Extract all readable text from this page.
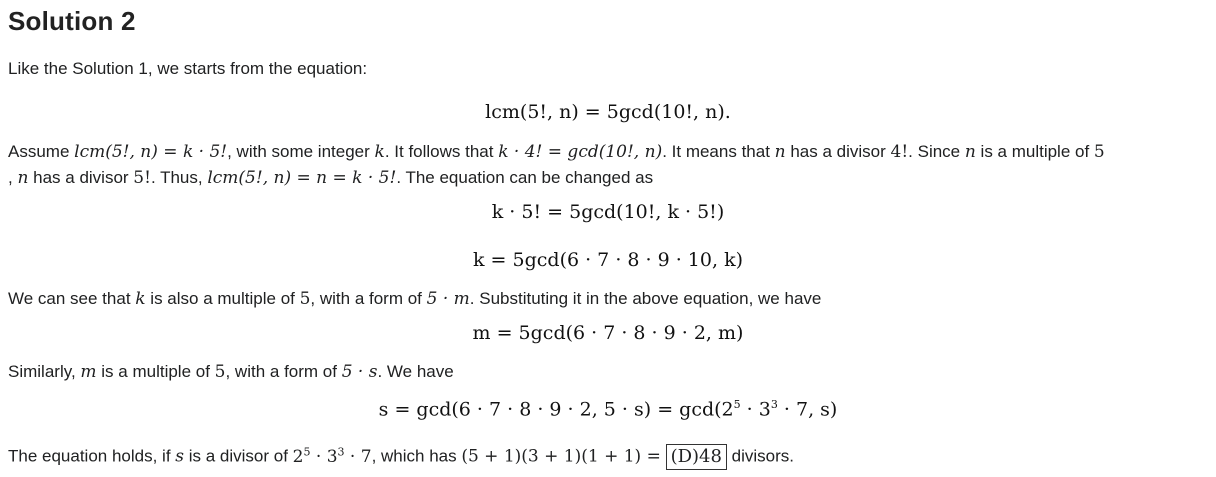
Solution 2
Like the Solution 1, we starts from the equation:
lcm(5!, n) = 5gcd(10!, n).
Assume lcm(5!, n) = k · 5!, with some integer k. It follows that k · 4! = gcd(10!, n). It means that n has a divisor 4!. Since n is a multiple of 5
, n has a divisor 5!. Thus, lcm(5!, n) = n = k · 5!. The equation can be changed as
k · 5! = 5gcd(10!, k · 5!)
k = 5gcd(6 · 7 · 8 · 9 · 10, k)
We can see that k is also a multiple of 5, with a form of 5 · m. Substituting it in the above equation, we have
m = 5gcd(6 · 7 · 8 · 9 · 2, m)
Similarly, m is a multiple of 5, with a form of 5 · s. We have
s = gcd(6 · 7 · 8 · 9 · 2, $5 \cdot s) = \gcd(2^5 \cdot 3^3 \cdot 7$, s)
The equation holds, if s is a divisor of $2^5 \cdot 3^3 \cdot 7$, which has (5 + 1)(3 + 1)(1 + 1) = (D)48 divisors.
